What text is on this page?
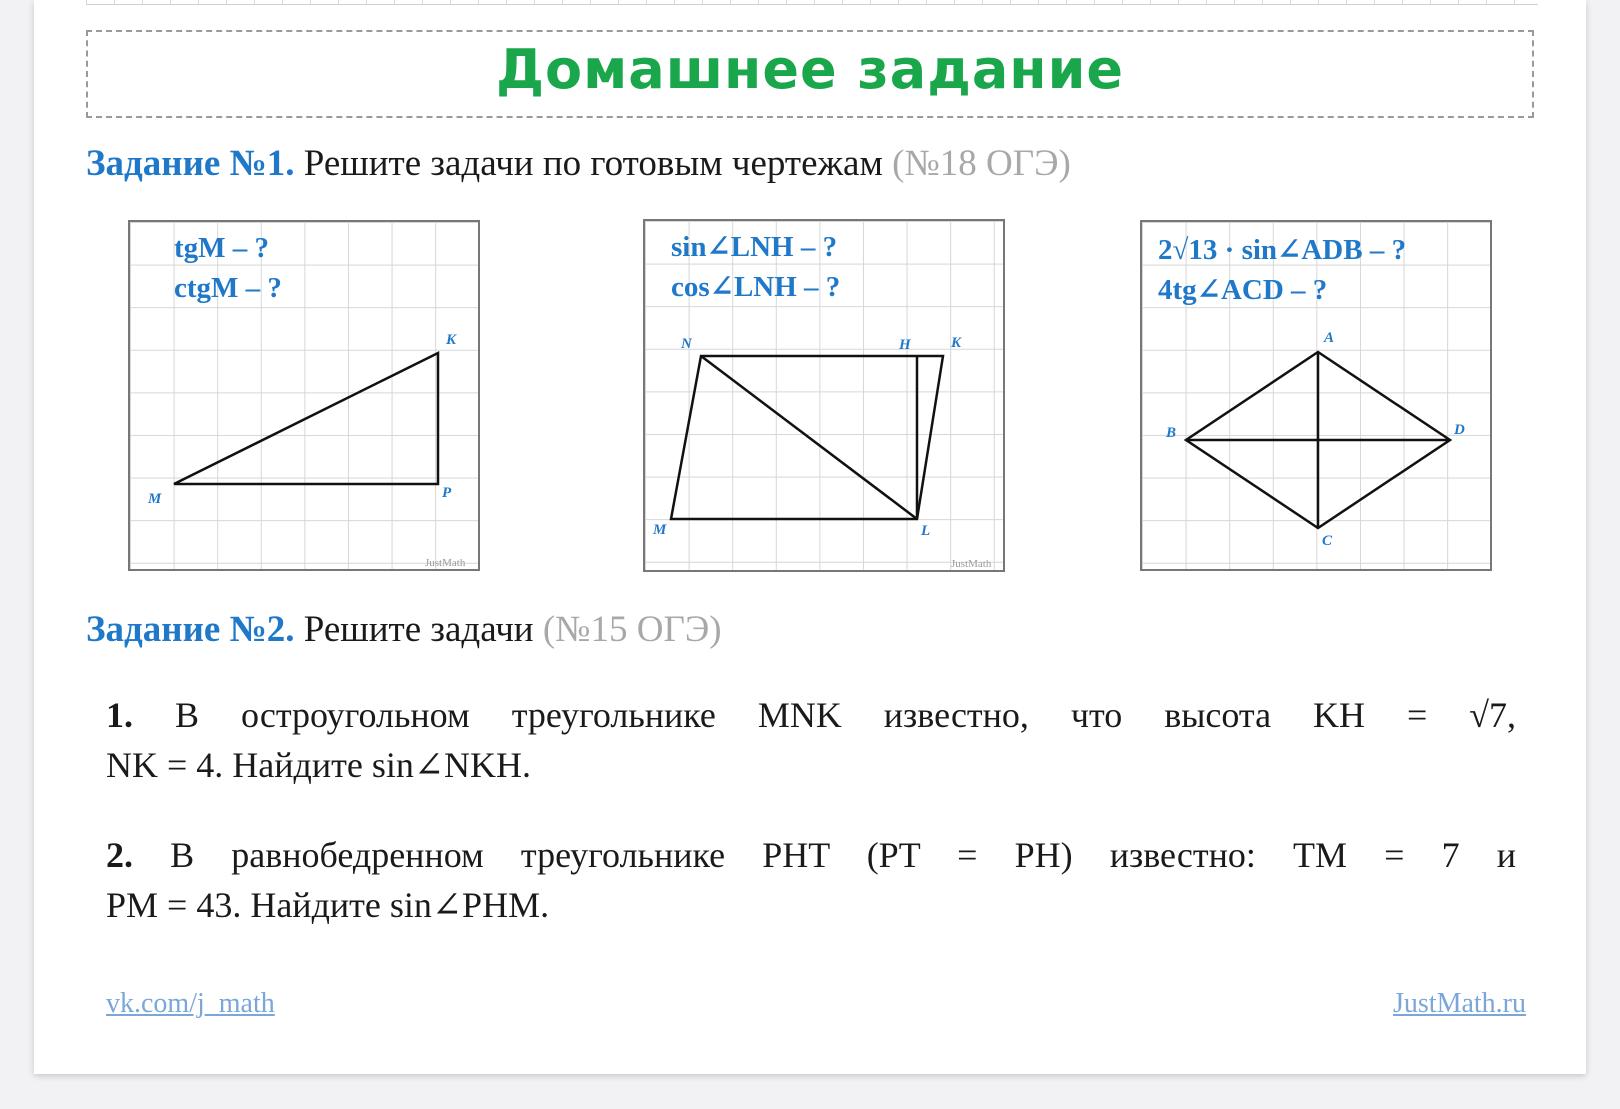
Домашнее задание
Задание №1. Решите задачи по готовым чертежам (№18 ОГЭ)
tgM – ?
ctgM – ?
K
M	P
JustMath
sin∠LNH – ?
cos∠LNH – ?
N	H	K
M	L
JustMath
2√13 · sin∠ADB – ?
4tg∠ACD – ?
A
B	D
C
Задание №2. Решите задачи (№15 ОГЭ)
1. В остроугольном треугольнике MNK известно, что высота KH = √7,
NK = 4. Найдите sin∠NKH.
2. В равнобедренном треугольнике PHT (PT = PH) известно: TM = 7 и
PM = 43. Найдите sin∠PHM.
vk.com/j_math	JustMath.ru
